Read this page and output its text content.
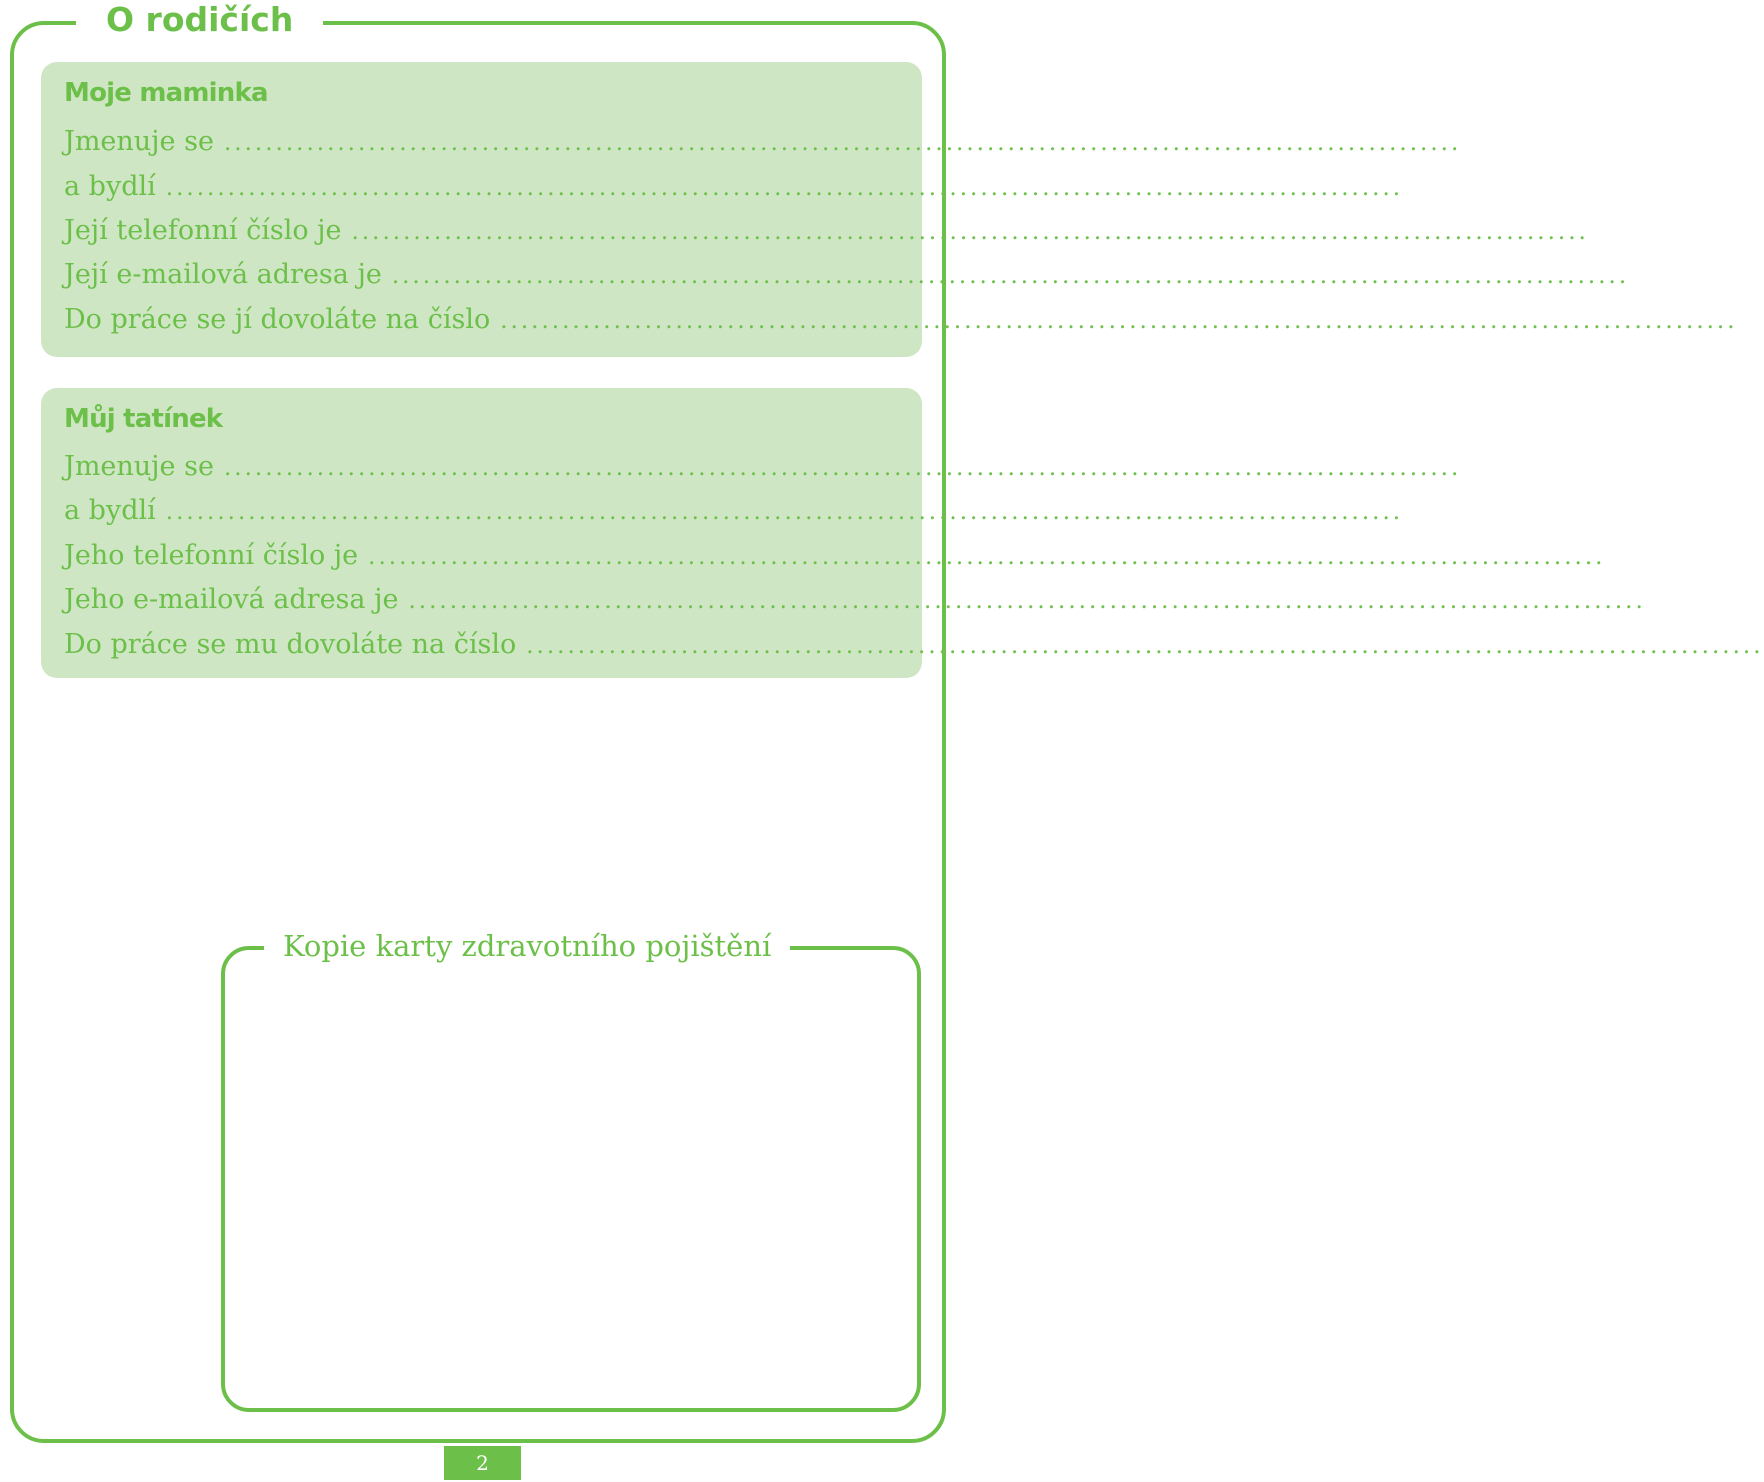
O rodičích
Moje maminka
Jmenuje se ........................................................................................................................
a bydlí ........................................................................................................................
Její telefonní číslo je ........................................................................................................................
Její e-mailová adresa je ........................................................................................................................
Do práce se jí dovoláte na číslo ........................................................................................................................
Můj tatínek
Jmenuje se ........................................................................................................................
a bydlí ........................................................................................................................
Jeho telefonní číslo je ........................................................................................................................
Jeho e-mailová adresa je ........................................................................................................................
Do práce se mu dovoláte na číslo ........................................................................................................................
Kopie karty zdravotního pojištění
2
